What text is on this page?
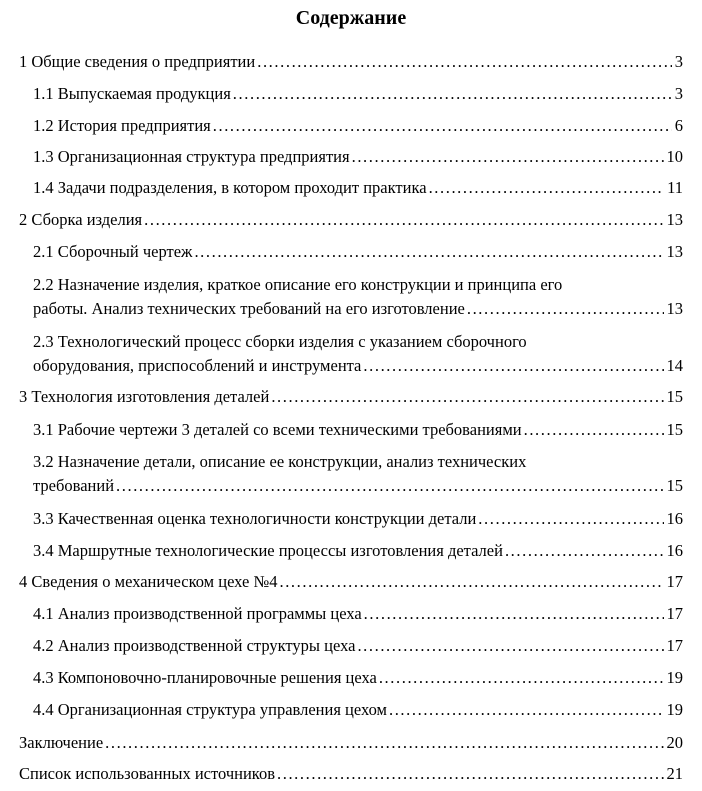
Содержание
1 Общие сведения о предприятии .....	3
1.1 Выпускаемая продукция .....	3
1.2 История предприятия .....	6
1.3 Организационная структура предприятия .....	10
1.4 Задачи подразделения, в котором проходит практика .....	11
2 Сборка изделия .....	13
2.1 Сборочный чертеж .....	13
2.2 Назначение изделия, краткое описание его конструкции и принципа его
работы. Анализ технических требований на его изготовление .....	13
2.3 Технологический процесс сборки изделия с указанием сборочного
оборудования, приспособлений и инструмента .....	14
3 Технология изготовления деталей .....	15
3.1 Рабочие чертежи 3 деталей со всеми техническими требованиями .....	15
3.2 Назначение детали, описание ее конструкции, анализ технических
требований .....	15
3.3 Качественная оценка технологичности конструкции детали .....	16
3.4 Маршрутные технологические процессы изготовления деталей .....	16
4 Сведения о механическом цехе №4 .....	17
4.1 Анализ производственной программы цеха .....	17
4.2 Анализ производственной структуры цеха .....	17
4.3 Компоновочно-планировочные решения цеха .....	19
4.4 Организационная структура управления цехом .....	19
Заключение .....	20
Список использованных источников .....	21
